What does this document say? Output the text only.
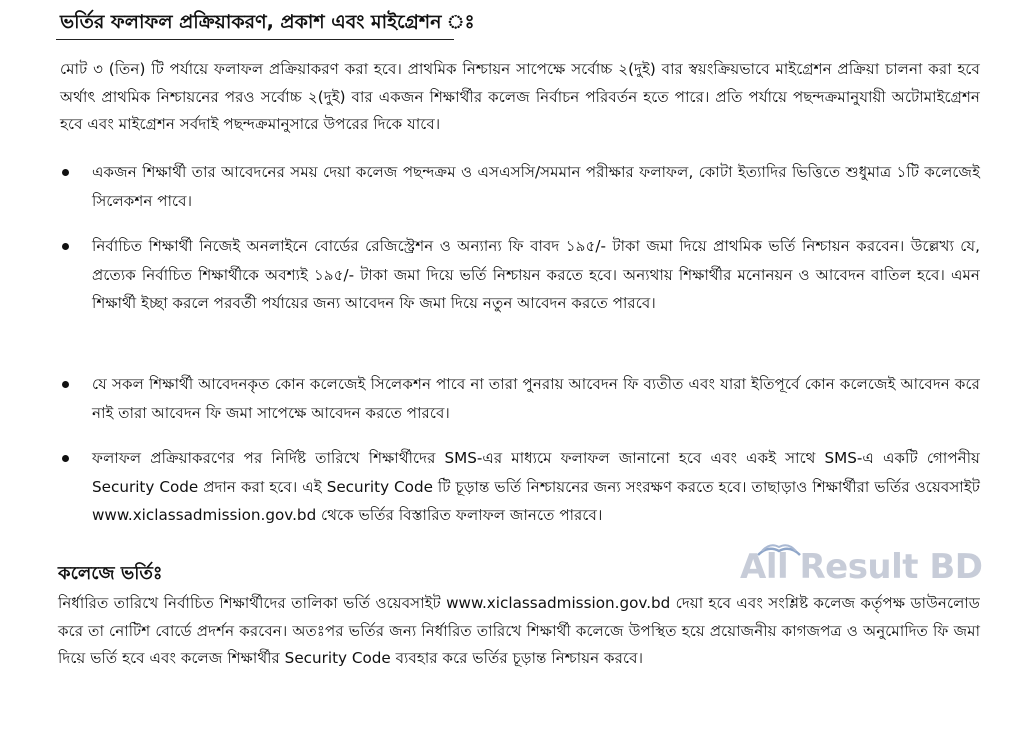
ভর্তির ফলাফল প্রক্রিয়াকরণ, প্রকাশ এবং মাইগ্রেশন ঃ
মোট ৩ (তিন) টি পর্যায়ে ফলাফল প্রক্রিয়াকরণ করা হবে। প্রাথমিক নিশ্চায়ন সাপেক্ষে সর্বোচ্চ ২(দুই) বার স্বয়ংক্রিয়ভাবে মাইগ্রেশন প্রক্রিয়া চালনা করা হবে অর্থাৎ প্রাথমিক নিশ্চায়নের পরও সর্বোচ্চ ২(দুই) বার একজন শিক্ষার্থীর কলেজ নির্বাচন পরিবর্তন হতে পারে। প্রতি পর্যায়ে পছন্দক্রমানুযায়ী অটোমাইগ্রেশন হবে এবং মাইগ্রেশন সর্বদাই পছন্দক্রমানুসারে উপরের দিকে যাবে।
একজন শিক্ষার্থী তার আবেদনের সময় দেয়া কলেজ পছন্দক্রম ও এসএসসি/সমমান পরীক্ষার ফলাফল, কোটা ইত্যাদির ভিত্তিতে শুধুমাত্র ১টি কলেজেই সিলেকশন পাবে।
নির্বাচিত শিক্ষার্থী নিজেই অনলাইনে বোর্ডের রেজিস্ট্রেশন ও অন্যান্য ফি বাবদ ১৯৫/- টাকা জমা দিয়ে প্রাথমিক ভর্তি নিশ্চায়ন করবেন। উল্লেখ্য যে, প্রত্যেক নির্বাচিত শিক্ষার্থীকে অবশ্যই ১৯৫/- টাকা জমা দিয়ে ভর্তি নিশ্চায়ন করতে হবে। অন্যথায় শিক্ষার্থীর মনোনয়ন ও আবেদন বাতিল হবে। এমন শিক্ষার্থী ইচ্ছা করলে পরবর্তী পর্যায়ের জন্য আবেদন ফি জমা দিয়ে নতুন আবেদন করতে পারবে।
যে সকল শিক্ষার্থী আবেদনকৃত কোন কলেজেই সিলেকশন পাবে না তারা পুনরায় আবেদন ফি ব্যতীত এবং যারা ইতিপূর্বে কোন কলেজেই আবেদন করে নাই তারা আবেদন ফি জমা সাপেক্ষে আবেদন করতে পারবে।
ফলাফল প্রক্রিয়াকরণের পর নির্দিষ্ট তারিখে শিক্ষার্থীদের SMS-এর মাধ্যমে ফলাফল জানানো হবে এবং একই সাথে SMS-এ একটি গোপনীয় Security Code প্রদান করা হবে। এই Security Code টি চূড়ান্ত ভর্তি নিশ্চায়নের জন্য সংরক্ষণ করতে হবে। তাছাড়াও শিক্ষার্থীরা ভর্তির ওয়েবসাইট www.xiclassadmission.gov.bd থেকে ভর্তির বিস্তারিত ফলাফল জানতে পারবে।
All Result BD
কলেজে ভর্তিঃ
নির্ধারিত তারিখে নির্বাচিত শিক্ষার্থীদের তালিকা ভর্তি ওয়েবসাইট www.xiclassadmission.gov.bd দেয়া হবে এবং সংশ্লিষ্ট কলেজ কর্তৃপক্ষ ডাউনলোড করে তা নোটিশ বোর্ডে প্রদর্শন করবেন। অতঃপর ভর্তির জন্য নির্ধারিত তারিখে শিক্ষার্থী কলেজে উপস্থিত হয়ে প্রয়োজনীয় কাগজপত্র ও অনুমোদিত ফি জমা দিয়ে ভর্তি হবে এবং কলেজ শিক্ষার্থীর Security Code ব্যবহার করে ভর্তির চূড়ান্ত নিশ্চায়ন করবে।
